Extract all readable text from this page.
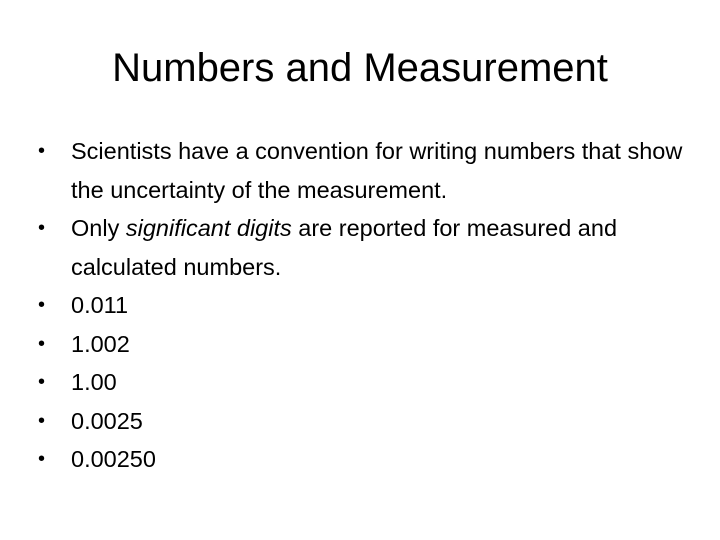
Numbers and Measurement
• Scientists have a convention for writing numbers that show the uncertainty of the measurement.
• Only significant digits are reported for measured and calculated numbers.
• 0.011
• 1.002
• 1.00
• 0.0025
• 0.00250
